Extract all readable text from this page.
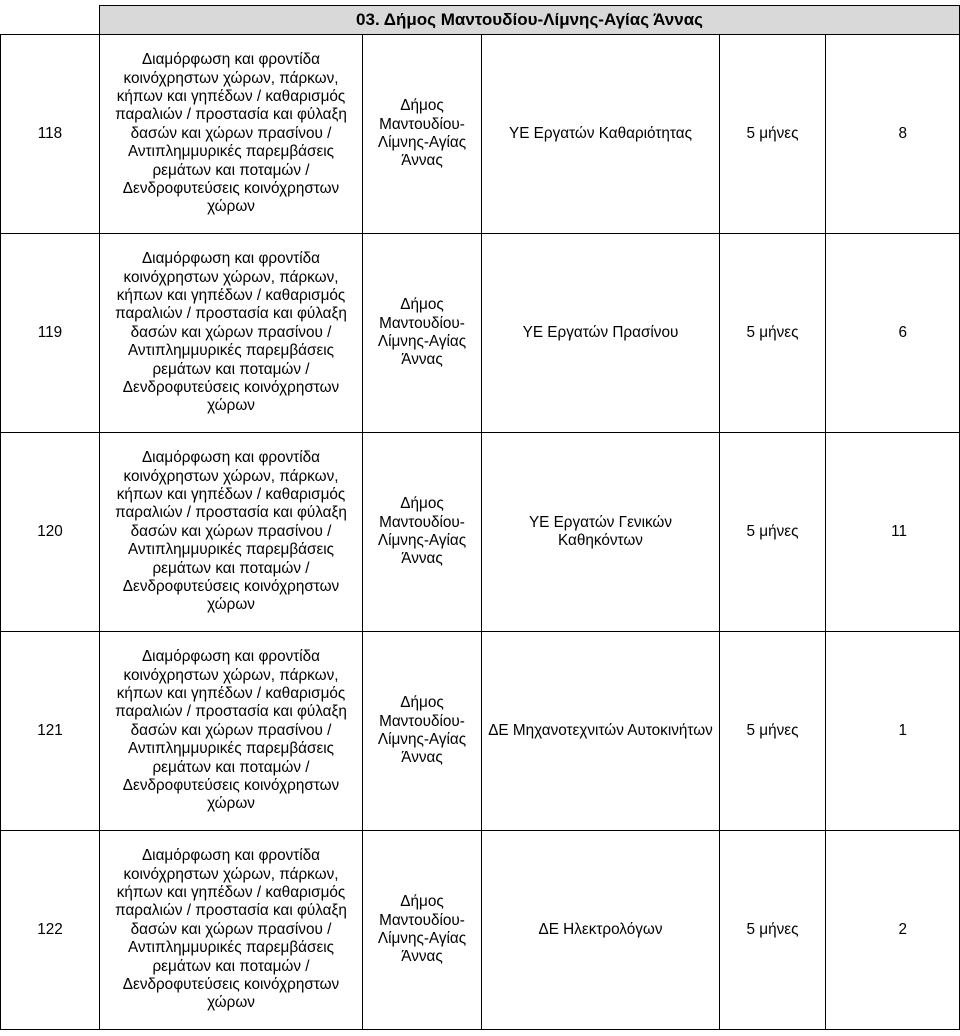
	03. Δήμος Μαντουδίου-Λίμνης-Αγίας Άννας				
118	Διαμόρφωση και φροντίδα κοινόχρηστων χώρων, πάρκων, κήπων και γηπέδων / καθαρισμός παραλιών / προστασία και φύλαξη δασών και χώρων πρασίνου / Αντιπλημμυρικές παρεμβάσεις ρεμάτων και ποταμών / Δενδροφυτεύσεις κοινόχρηστων χώρων	Δήμος Μαντουδίου-Λίμνης-Αγίας Άννας	ΥΕ Εργατών Καθαριότητας	5 μήνες	8
119	Διαμόρφωση και φροντίδα κοινόχρηστων χώρων, πάρκων, κήπων και γηπέδων / καθαρισμός παραλιών / προστασία και φύλαξη δασών και χώρων πρασίνου / Αντιπλημμυρικές παρεμβάσεις ρεμάτων και ποταμών / Δενδροφυτεύσεις κοινόχρηστων χώρων	Δήμος Μαντουδίου-Λίμνης-Αγίας Άννας	ΥΕ Εργατών Πρασίνου	5 μήνες	6
120	Διαμόρφωση και φροντίδα κοινόχρηστων χώρων, πάρκων, κήπων και γηπέδων / καθαρισμός παραλιών / προστασία και φύλαξη δασών και χώρων πρασίνου / Αντιπλημμυρικές παρεμβάσεις ρεμάτων και ποταμών / Δενδροφυτεύσεις κοινόχρηστων χώρων	Δήμος Μαντουδίου-Λίμνης-Αγίας Άννας	ΥΕ Εργατών Γενικών Καθηκόντων	5 μήνες	11
121	Διαμόρφωση και φροντίδα κοινόχρηστων χώρων, πάρκων, κήπων και γηπέδων / καθαρισμός παραλιών / προστασία και φύλαξη δασών και χώρων πρασίνου / Αντιπλημμυρικές παρεμβάσεις ρεμάτων και ποταμών / Δενδροφυτεύσεις κοινόχρηστων χώρων	Δήμος Μαντουδίου-Λίμνης-Αγίας Άννας	ΔΕ Μηχανοτεχνιτών Αυτοκινήτων	5 μήνες	1
122	Διαμόρφωση και φροντίδα κοινόχρηστων χώρων, πάρκων, κήπων και γηπέδων / καθαρισμός παραλιών / προστασία και φύλαξη δασών και χώρων πρασίνου / Αντιπλημμυρικές παρεμβάσεις ρεμάτων και ποταμών / Δενδροφυτεύσεις κοινόχρηστων χώρων	Δήμος Μαντουδίου-Λίμνης-Αγίας Άννας	ΔΕ Ηλεκτρολόγων	5 μήνες	2
